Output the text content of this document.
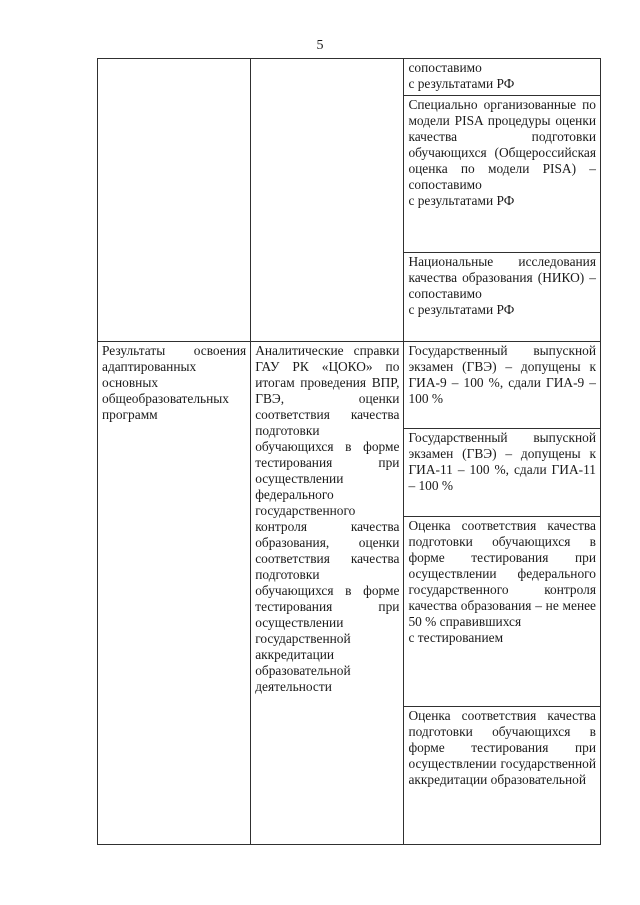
5

		сопоставимо
с результатами РФ

		Специально организованные по модели PISA процедуры оценки качества подготовки обучающихся (Общероссийская оценка по модели PISA) – сопоставимо
с результатами РФ

		Национальные исследования качества образования (НИКО) – сопоставимо
с результатами РФ

Результаты освоения адаптированных основных общеобразовательных программ	Аналитические справки ГАУ РК «ЦОКО» по итогам проведения ВПР, ГВЭ, оценки соответствия качества подготовки обучающихся в форме тестирования при осуществлении федерального государственного контроля качества образования, оценки соответствия качества подготовки обучающихся в форме тестирования при осуществлении государственной аккредитации образовательной деятельности	Государственный выпускной экзамен (ГВЭ) – допущены к ГИА-9 – 100 %, сдали ГИА-9 – 100 %

		Государственный выпускной экзамен (ГВЭ) – допущены к ГИА-11 – 100 %, сдали ГИА-11 – 100 %

		Оценка соответствия качества подготовки обучающихся в форме тестирования при осуществлении федерального государственного контроля качества образования – не менее 50 % справившихся
с тестированием

		Оценка соответствия качества подготовки обучающихся в форме тестирования при осуществлении государственной аккредитации образовательной
